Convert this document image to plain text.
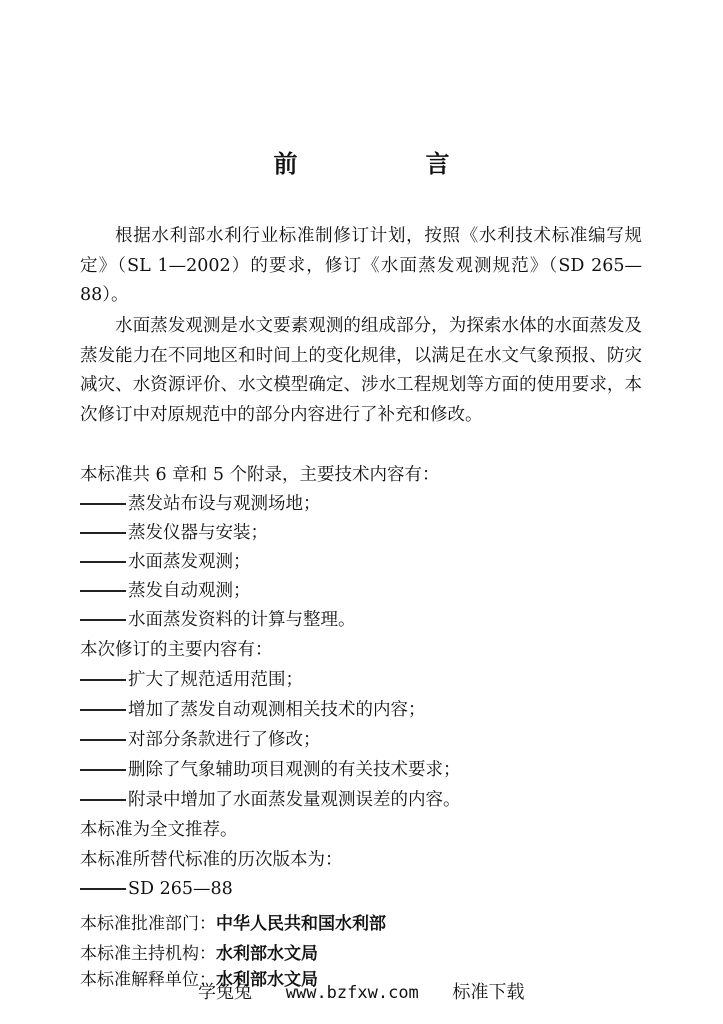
前　言

根据水利部水利行业标准制修订计划，按照《水利技术标准编写规定》（SL 1—2002）的要求，修订《水面蒸发观测规范》（SD 265—88）。

水面蒸发观测是水文要素观测的组成部分，为探索水体的水面蒸发及蒸发能力在不同地区和时间上的变化规律，以满足在水文气象预报、防灾减灾、水资源评价、水文模型确定、涉水工程规划等方面的使用要求，本次修订中对原规范中的部分内容进行了补充和修改。

本标准共 6 章和 5 个附录，主要技术内容有：

蒸发站布设与观测场地；

蒸发仪器与安装；

水面蒸发观测；

蒸发自动观测；

水面蒸发资料的计算与整理。

本次修订的主要内容有：

扩大了规范适用范围；

增加了蒸发自动观测相关技术的内容；

对部分条款进行了修改；

删除了气象辅助项目观测的有关技术要求；

附录中增加了水面蒸发量观测误差的内容。

本标准为全文推荐。

本标准所替代标准的历次版本为：

SD 265—88

本标准批准部门：中华人民共和国水利部
本标准主持机构：水利部水文局
本标准解释单位：水利部水文局
学兔兔 www.bzfxw.com 标准下载
